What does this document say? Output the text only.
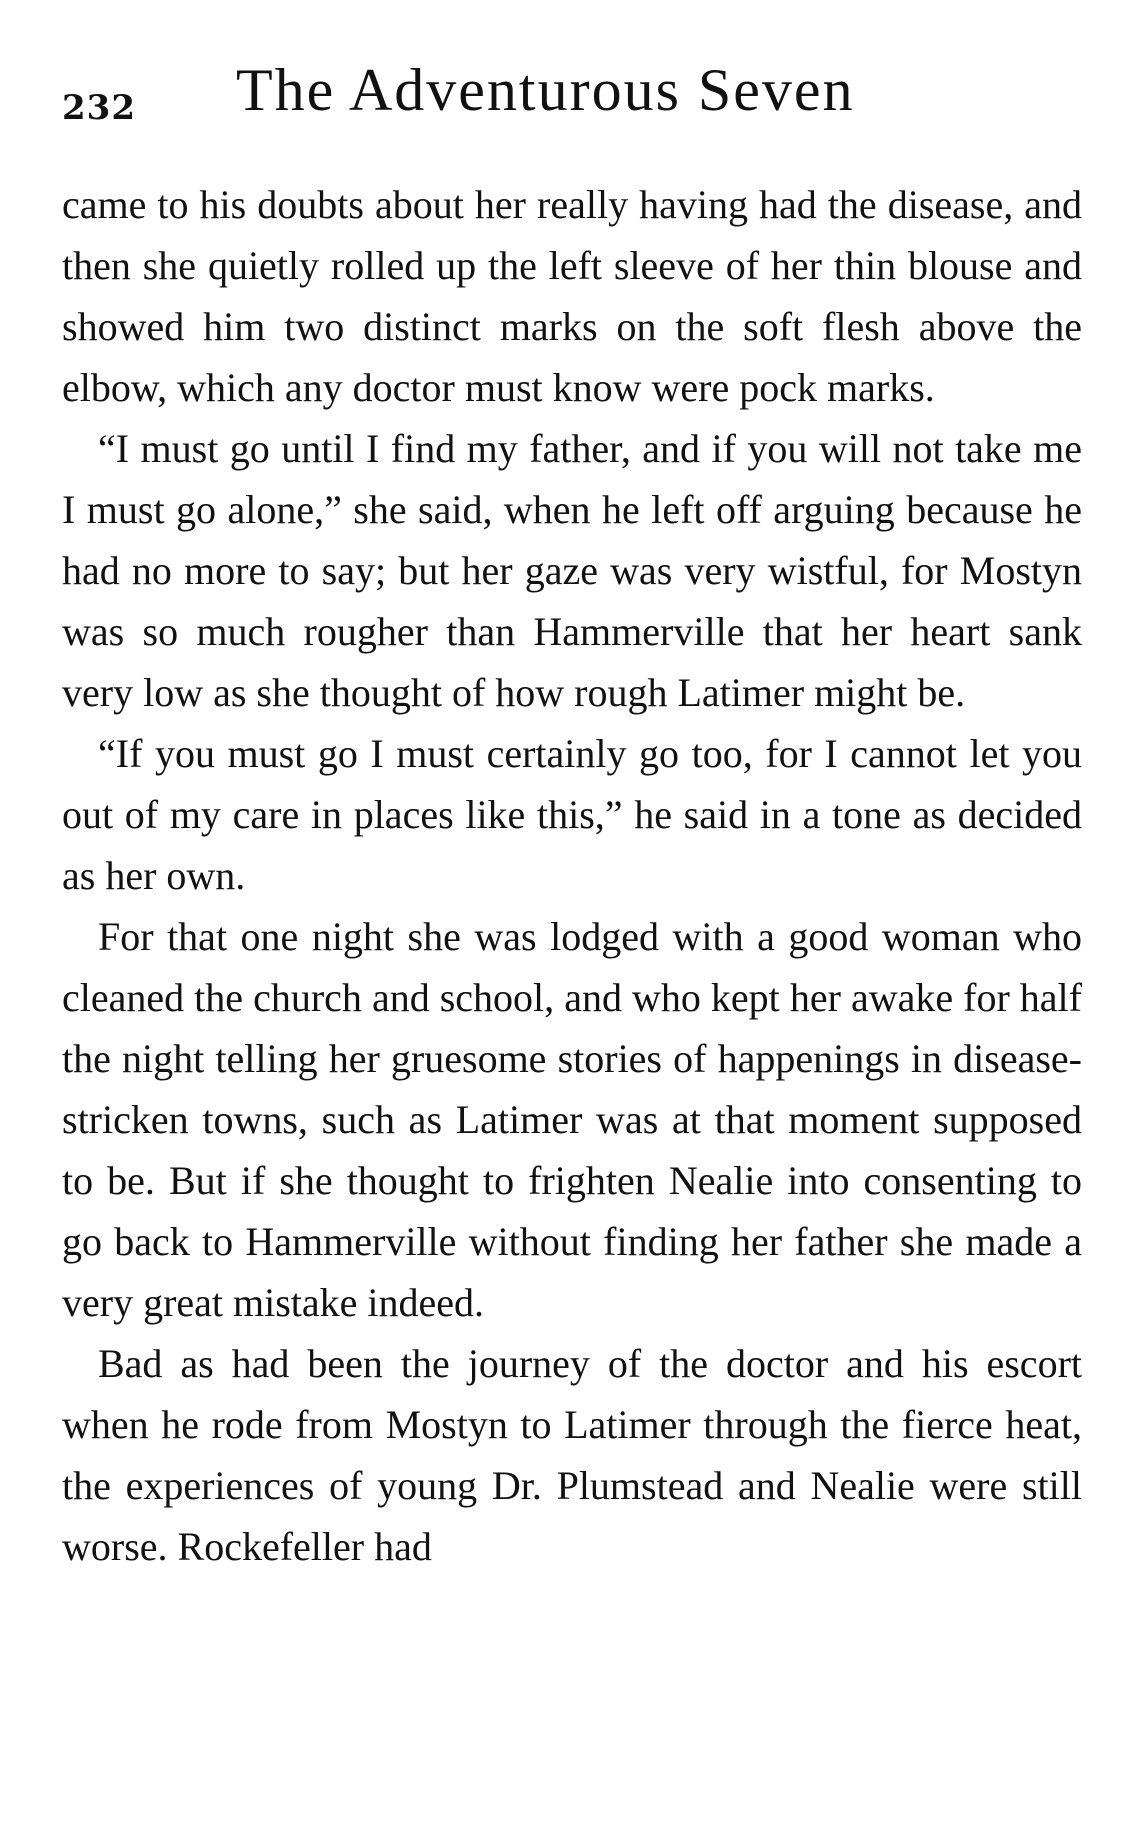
232 The Adventurous Seven

came to his doubts about her really having had the disease, and then she quietly rolled up the left sleeve of her thin blouse and showed him two distinct marks on the soft flesh above the elbow, which any doctor must know were pock marks.

“I must go until I find my father, and if you will not take me I must go alone,” she said, when he left off arguing because he had no more to say; but her gaze was very wistful, for Mostyn was so much rougher than Hammerville that her heart sank very low as she thought of how rough Latimer might be.

“If you must go I must certainly go too, for I cannot let you out of my care in places like this,” he said in a tone as decided as her own.

For that one night she was lodged with a good woman who cleaned the church and school, and who kept her awake for half the night telling her gruesome stories of happenings in disease-stricken towns, such as Latimer was at that moment supposed to be. But if she thought to frighten Nealie into consenting to go back to Hammerville without finding her father she made a very great mistake indeed.

Bad as had been the journey of the doctor and his escort when he rode from Mostyn to Latimer through the fierce heat, the experiences of young Dr. Plumstead and Nealie were still worse. Rockefeller had
